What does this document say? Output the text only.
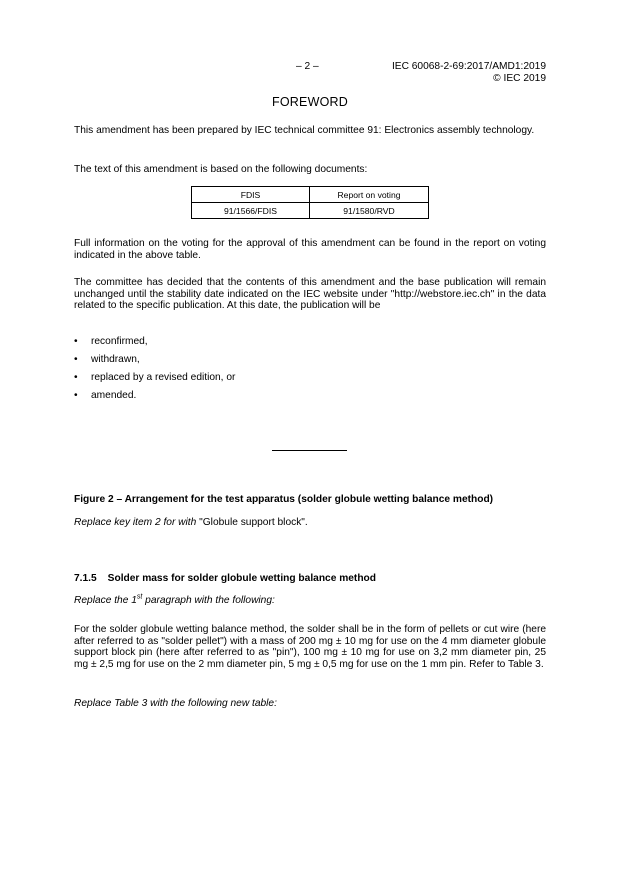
– 2 –	IEC 60068-2-69:2017/AMD1:2019
© IEC 2019
FOREWORD
This amendment has been prepared by IEC technical committee 91: Electronics assembly technology.
The text of this amendment is based on the following documents:
FDIS	Report on voting
91/1566/FDIS	91/1580/RVD
Full information on the voting for the approval of this amendment can be found in the report on voting indicated in the above table.
The committee has decided that the contents of this amendment and the base publication will remain unchanged until the stability date indicated on the IEC website under "http://webstore.iec.ch" in the data related to the specific publication. At this date, the publication will be
• reconfirmed,
• withdrawn,
• replaced by a revised edition, or
• amended.
Figure 2 – Arrangement for the test apparatus (solder globule wetting balance method)
Replace key item 2 for with "Globule support block".
7.1.5 Solder mass for solder globule wetting balance method
Replace the 1st paragraph with the following:
For the solder globule wetting balance method, the solder shall be in the form of pellets or cut wire (here after referred to as "solder pellet") with a mass of 200 mg ± 10 mg for use on the 4 mm diameter globule support block pin (here after referred to as "pin"), 100 mg ± 10 mg for use on 3,2 mm diameter pin, 25 mg ± 2,5 mg for use on the 2 mm diameter pin, 5 mg ± 0,5 mg for use on the 1 mm pin. Refer to Table 3.
Replace Table 3 with the following new table:
